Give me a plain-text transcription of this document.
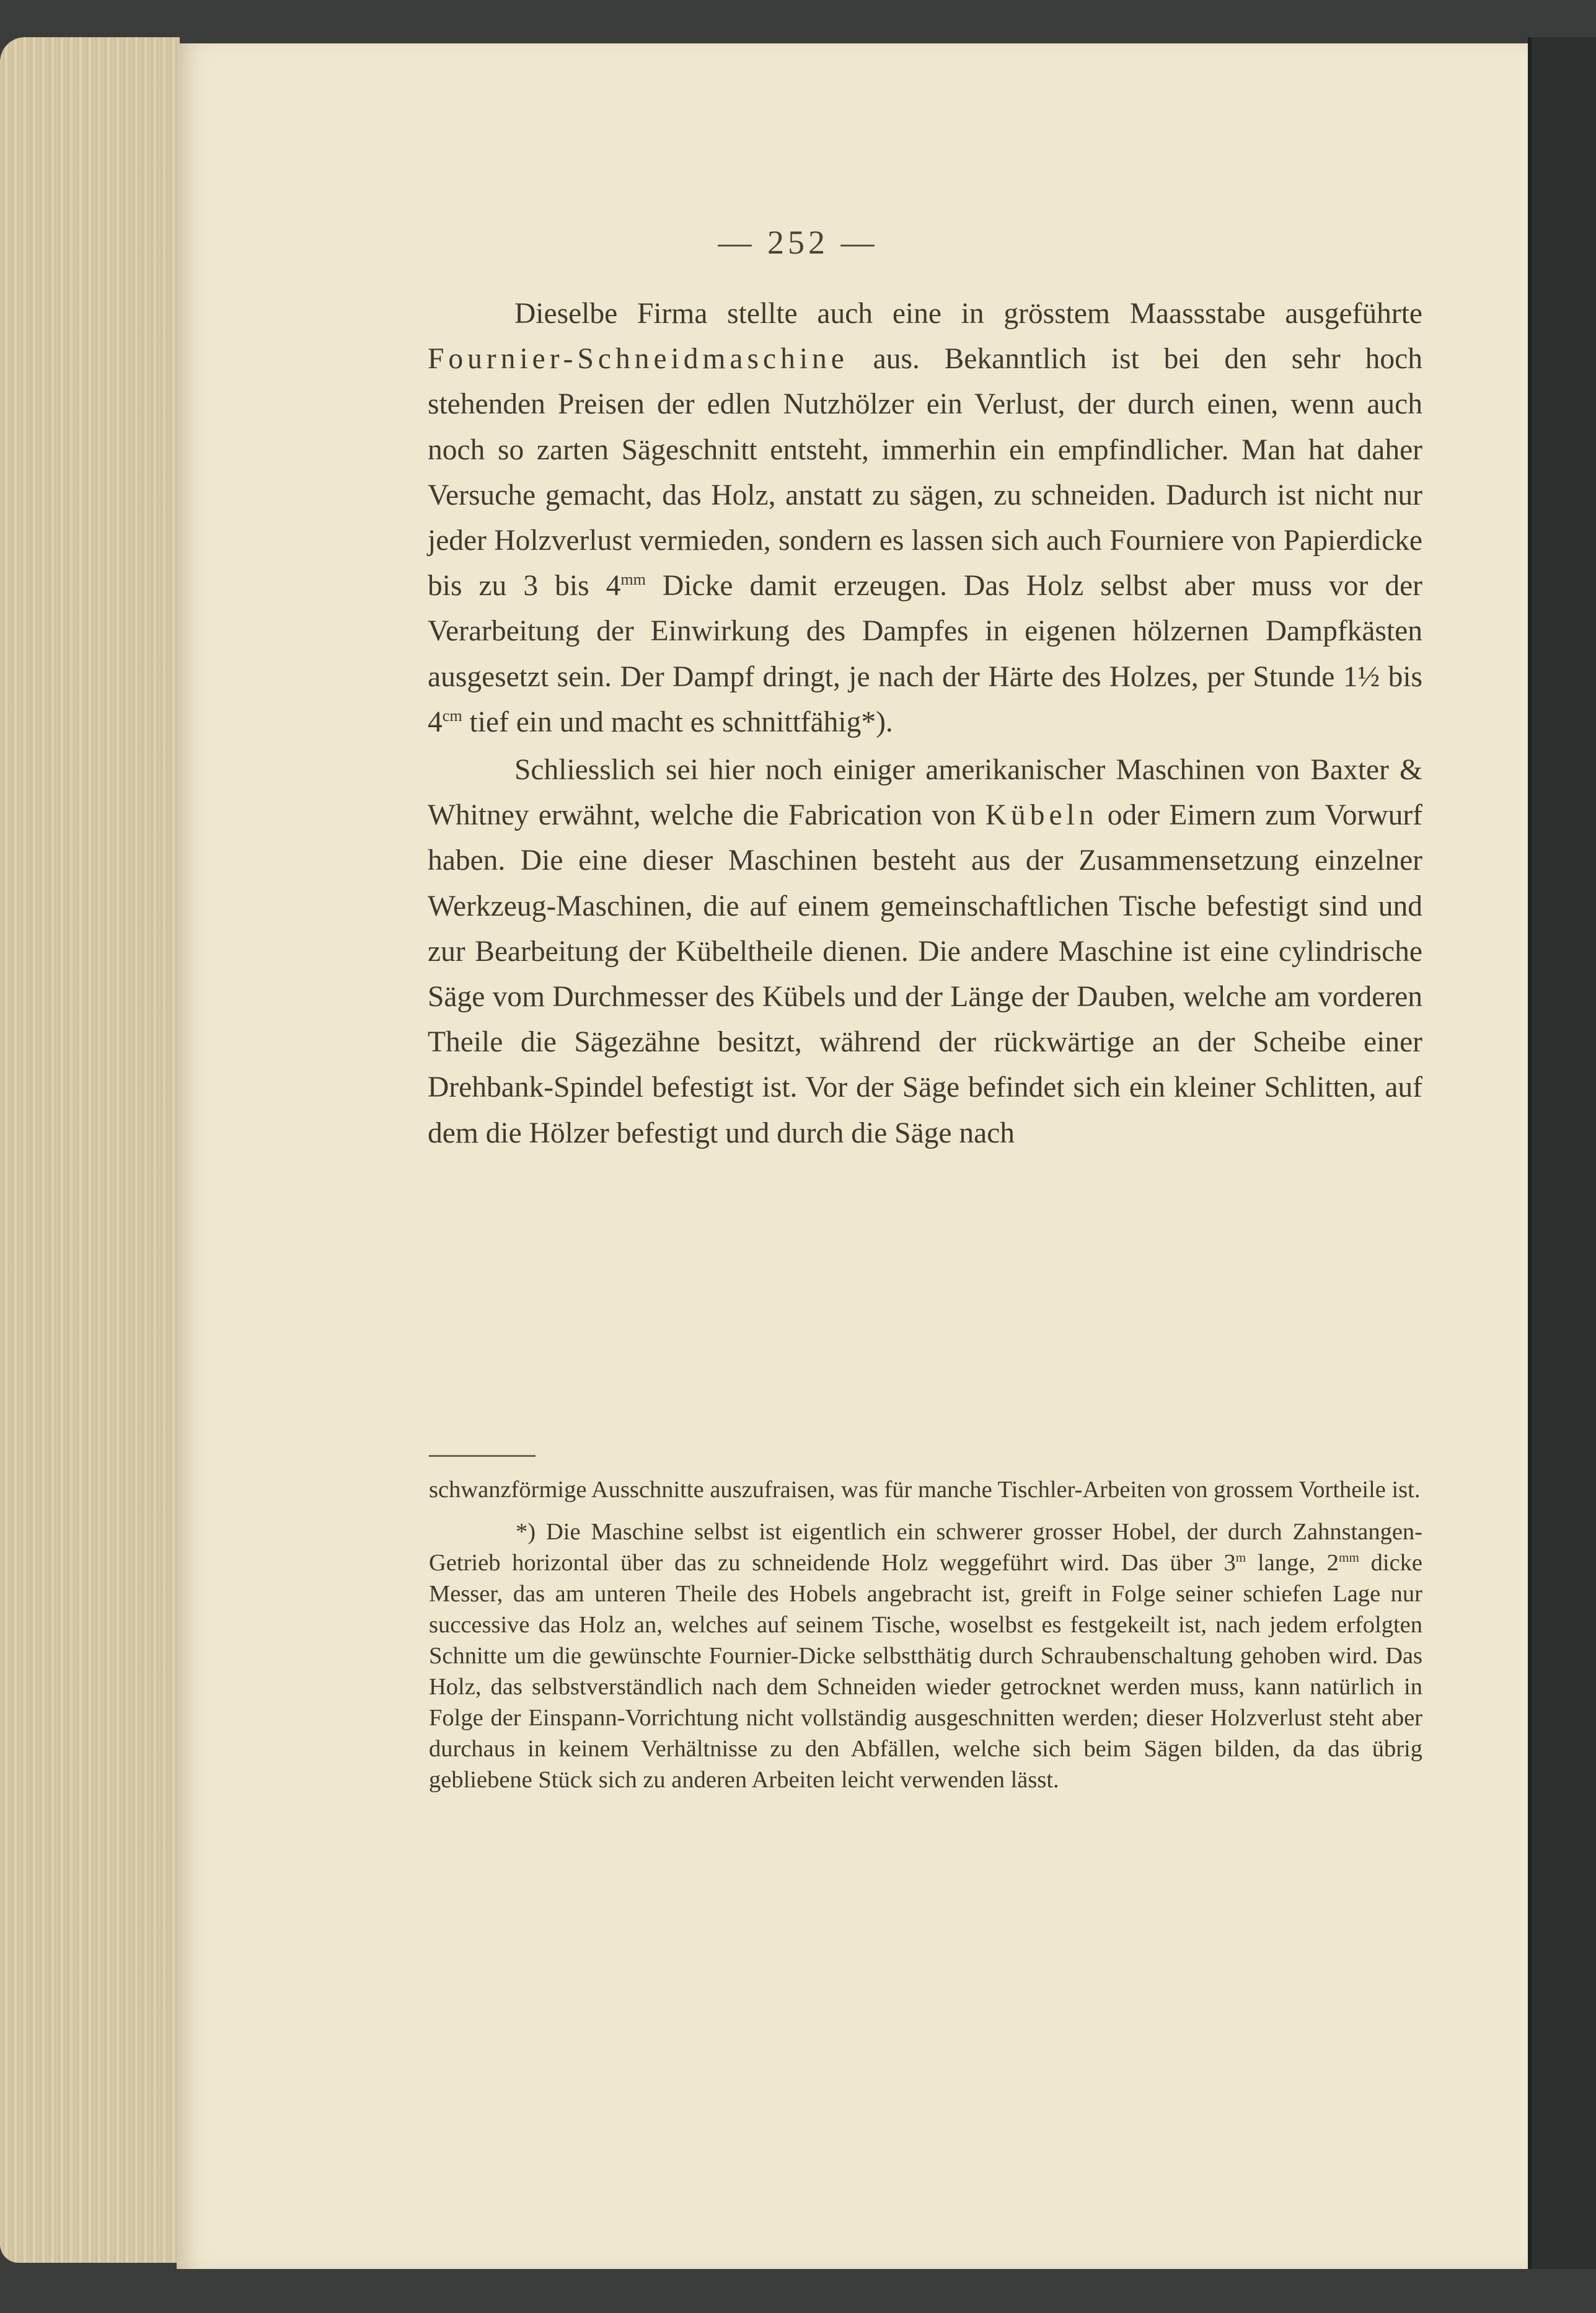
— 252 —

Dieselbe Firma stellte auch eine in grösstem Maassstabe ausgeführte Fournier-Schneidmaschine aus. Bekanntlich ist bei den sehr hoch stehenden Preisen der edlen Nutzhölzer ein Verlust, der durch einen, wenn auch noch so zarten Sägeschnitt entsteht, immerhin ein empfindlicher. Man hat daher Versuche gemacht, das Holz, anstatt zu sägen, zu schneiden. Dadurch ist nicht nur jeder Holzverlust vermieden, sondern es lassen sich auch Fourniere von Papierdicke bis zu 3 bis $4^{mm}$ Dicke damit erzeugen. Das Holz selbst aber muss vor der Verarbeitung der Einwirkung des Dampfes in eigenen hölzernen Dampfkästen ausgesetzt sein. Der Dampf dringt, je nach der Härte des Holzes, per Stunde 1½ bis $4^{cm}$ tief ein und macht es schnittfähig*).

Schliesslich sei hier noch einiger amerikanischer Maschinen von Baxter & Whitney erwähnt, welche die Fabrication von Kübeln oder Eimern zum Vorwurf haben. Die eine dieser Maschinen besteht aus der Zusammensetzung einzelner Werkzeug-Maschinen, die auf einem gemeinschaftlichen Tische befestigt sind und zur Bearbeitung der Kübeltheile dienen. Die andere Maschine ist eine cylindrische Säge vom Durchmesser des Kübels und der Länge der Dauben, welche am vorderen Theile die Sägezähne besitzt, während der rückwärtige an der Scheibe einer Drehbank-Spindel befestigt ist. Vor der Säge befindet sich ein kleiner Schlitten, auf dem die Hölzer befestigt und durch die Säge nach

schwanzförmige Ausschnitte auszufraisen, was für manche Tischler-Arbeiten von grossem Vortheile ist.

*) Die Maschine selbst ist eigentlich ein schwerer grosser Hobel, der durch Zahnstangen-Getrieb horizontal über das zu schneidende Holz weggeführt wird. Das über 3$^m$ lange, $2^{mm}$ dicke Messer, das am unteren Theile des Hobels angebracht ist, greift in Folge seiner schiefen Lage nur successive das Holz an, welches auf seinem Tische, woselbst es festgekeilt ist, nach jedem erfolgten Schnitte um die gewünschte Fournier-Dicke selbstthätig durch Schraubenschaltung gehoben wird. Das Holz, das selbstverständlich nach dem Schneiden wieder getrocknet werden muss, kann natürlich in Folge der Einspann-Vorrichtung nicht vollständig ausgeschnitten werden; dieser Holzverlust steht aber durchaus in keinem Verhältnisse zu den Abfällen, welche sich beim Sägen bilden, da das übrig gebliebene Stück sich zu anderen Arbeiten leicht verwenden lässt.
